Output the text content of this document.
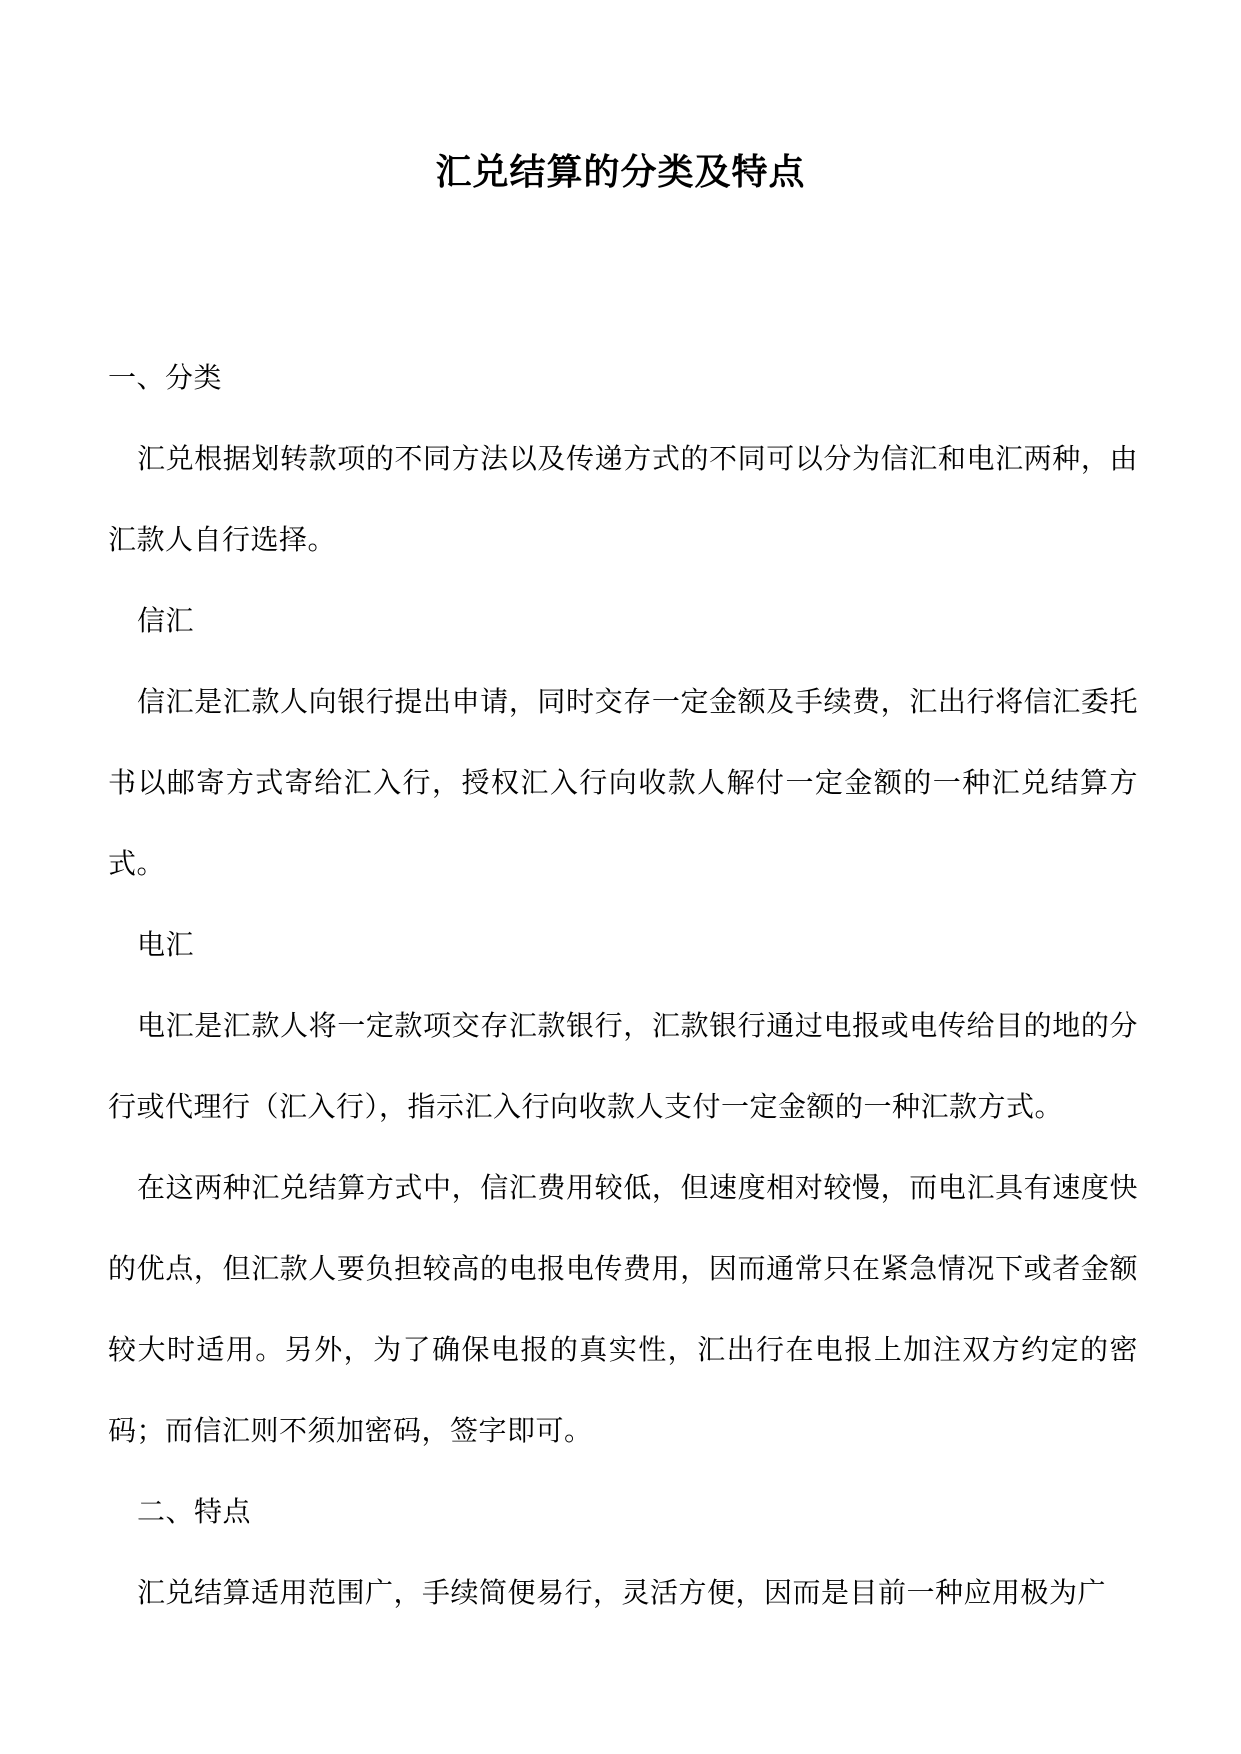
汇兑结算的分类及特点

一、分类

汇兑根据划转款项的不同方法以及传递方式的不同可以分为信汇和电汇两种，由汇款人自行选择。

信汇

信汇是汇款人向银行提出申请，同时交存一定金额及手续费，汇出行将信汇委托书以邮寄方式寄给汇入行，授权汇入行向收款人解付一定金额的一种汇兑结算方式。

电汇

电汇是汇款人将一定款项交存汇款银行，汇款银行通过电报或电传给目的地的分行或代理行（汇入行），指示汇入行向收款人支付一定金额的一种汇款方式。

在这两种汇兑结算方式中，信汇费用较低，但速度相对较慢，而电汇具有速度快的优点，但汇款人要负担较高的电报电传费用，因而通常只在紧急情况下或者金额较大时适用。另外，为了确保电报的真实性，汇出行在电报上加注双方约定的密码；而信汇则不须加密码，签字即可。

二、特点

汇兑结算适用范围广，手续简便易行，灵活方便，因而是目前一种应用极为广
